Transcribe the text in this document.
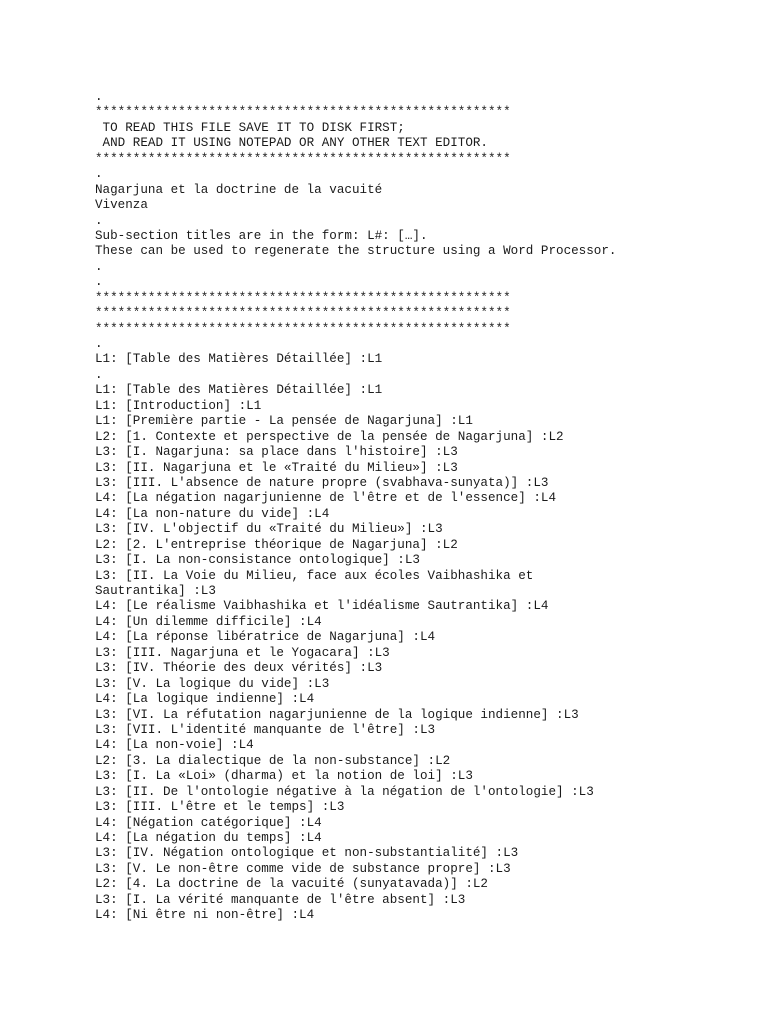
.
*******************************************************
TO READ THIS FILE SAVE IT TO DISK FIRST;
AND READ IT USING NOTEPAD OR ANY OTHER TEXT EDITOR.
*******************************************************
.
Nagarjuna et la doctrine de la vacuité
Vivenza
.
Sub-section titles are in the form: L#: […].
These can be used to regenerate the structure using a Word Processor.
.
.
*******************************************************
*******************************************************
*******************************************************
.
L1: [Table des Matières Détaillée] :L1
.
L1: [Table des Matières Détaillée] :L1
L1: [Introduction] :L1
L1: [Première partie - La pensée de Nagarjuna] :L1
L2: [1. Contexte et perspective de la pensée de Nagarjuna] :L2
L3: [I. Nagarjuna: sa place dans l'histoire] :L3
L3: [II. Nagarjuna et le «Traité du Milieu»] :L3
L3: [III. L'absence de nature propre (svabhava-sunyata)] :L3
L4: [La négation nagarjunienne de l'être et de l'essence] :L4
L4: [La non-nature du vide] :L4
L3: [IV. L'objectif du «Traité du Milieu»] :L3
L2: [2. L'entreprise théorique de Nagarjuna] :L2
L3: [I. La non-consistance ontologique] :L3
L3: [II. La Voie du Milieu, face aux écoles Vaibhashika et
Sautrantika] :L3
L4: [Le réalisme Vaibhashika et l'idéalisme Sautrantika] :L4
L4: [Un dilemme difficile] :L4
L4: [La réponse libératrice de Nagarjuna] :L4
L3: [III. Nagarjuna et le Yogacara] :L3
L3: [IV. Théorie des deux vérités] :L3
L3: [V. La logique du vide] :L3
L4: [La logique indienne] :L4
L3: [VI. La réfutation nagarjunienne de la logique indienne] :L3
L3: [VII. L'identité manquante de l'être] :L3
L4: [La non-voie] :L4
L2: [3. La dialectique de la non-substance] :L2
L3: [I. La «Loi» (dharma) et la notion de loi] :L3
L3: [II. De l'ontologie négative à la négation de l'ontologie] :L3
L3: [III. L'être et le temps] :L3
L4: [Négation catégorique] :L4
L4: [La négation du temps] :L4
L3: [IV. Négation ontologique et non-substantialité] :L3
L3: [V. Le non-être comme vide de substance propre] :L3
L2: [4. La doctrine de la vacuité (sunyatavada)] :L2
L3: [I. La vérité manquante de l'être absent] :L3
L4: [Ni être ni non-être] :L4
